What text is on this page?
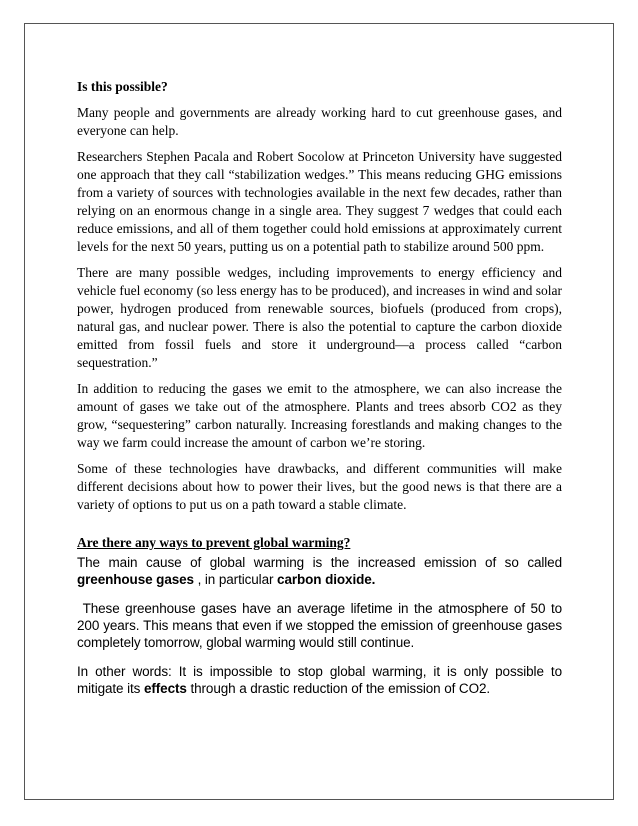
Is this possible?

Many people and governments are already working hard to cut greenhouse gases, and everyone can help.

Researchers Stephen Pacala and Robert Socolow at Princeton University have suggested one approach that they call “stabilization wedges.” This means reducing GHG emissions from a variety of sources with technologies available in the next few decades, rather than relying on an enormous change in a single area. They suggest 7 wedges that could each reduce emissions, and all of them together could hold emissions at approximately current levels for the next 50 years, putting us on a potential path to stabilize around 500 ppm.

There are many possible wedges, including improvements to energy efficiency and vehicle fuel economy (so less energy has to be produced), and increases in wind and solar power, hydrogen produced from renewable sources, biofuels (produced from crops), natural gas, and nuclear power. There is also the potential to capture the carbon dioxide emitted from fossil fuels and store it underground—a process called “carbon sequestration.”

In addition to reducing the gases we emit to the atmosphere, we can also increase the amount of gases we take out of the atmosphere. Plants and trees absorb CO2 as they grow, “sequestering” carbon naturally. Increasing forestlands and making changes to the way we farm could increase the amount of carbon we’re storing.

Some of these technologies have drawbacks, and different communities will make different decisions about how to power their lives, but the good news is that there are a variety of options to put us on a path toward a stable climate.

Are there any ways to prevent global warming?

The main cause of global warming is the increased emission of so called greenhouse gases , in particular carbon dioxide.

These greenhouse gases have an average lifetime in the atmosphere of 50 to 200 years. This means that even if we stopped the emission of greenhouse gases completely tomorrow, global warming would still continue.

In other words: It is impossible to stop global warming, it is only possible to mitigate its effects through a drastic reduction of the emission of CO2.
